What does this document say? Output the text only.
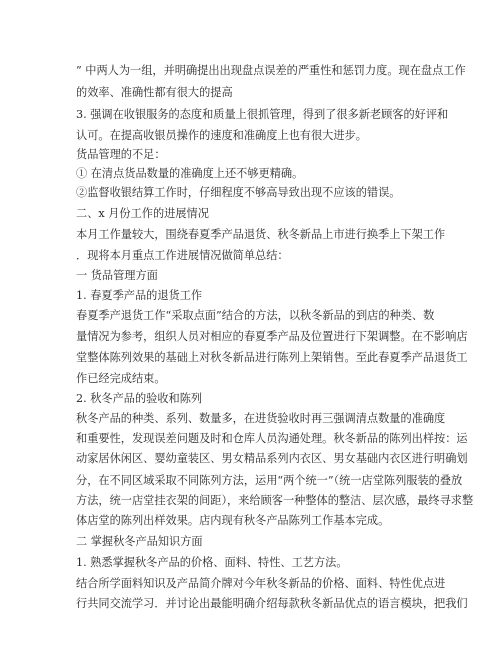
” 中两人为一组，并明确提出出现盘点误差的严重性和惩罚力度。现在盘点工作
的效率、准确性都有很大的提高
3. 强调在收银服务的态度和质量上很抓管理，得到了很多新老顾客的好评和
认可。在提高收银员操作的速度和准确度上也有很大进步。
货品管理的不足：
① 在清点货品数量的准确度上还不够更精确。
②监督收银结算工作时，仔细程度不够高导致出现不应该的错误。
二、x 月份工作的进展情况
本月工作量较大，围绕春夏季产品退货、秋冬新品上市进行换季上下架工作
．现将本月重点工作进展情况做简单总结：
一 货品管理方面
1. 春夏季产品的退货工作
春夏季产退货工作“采取点面”结合的方法，以秋冬新品的到店的种类、数
量情况为参考，组织人员对相应的春夏季产品及位置进行下架调整。在不影响店
堂整体陈列效果的基础上对秋冬新品进行陈列上架销售。至此春夏季产品退货工
作已经完成结束。
2. 秋冬产品的验收和陈列
秋冬产品的种类、系列、数量多，在进货验收时再三强调清点数量的准确度
和重要性，发现误差问题及时和仓库人员沟通处理。秋冬新品的陈列出样按：运
动家居休闲区、婴幼童装区、男女精品系列内衣区、男女基础内衣区进行明确划
分，在不同区域采取不同陈列方法，运用“两个统一”（统一店堂陈列服装的叠放
方法，统一店堂挂衣架的间距），来给顾客一种整体的整洁、层次感，最终寻求整
体店堂的陈列出样效果。店内现有秋冬产品陈列工作基本完成。
二 掌握秋冬产品知识方面
1. 熟悉掌握秋冬产品的价格、面料、特性、工艺方法。
结合所学面料知识及产品简介牌对今年秋冬新品的价格、面料、特性优点进
行共同交流学习．并讨论出最能明确介绍每款秋冬新品优点的语言模块，把我们
